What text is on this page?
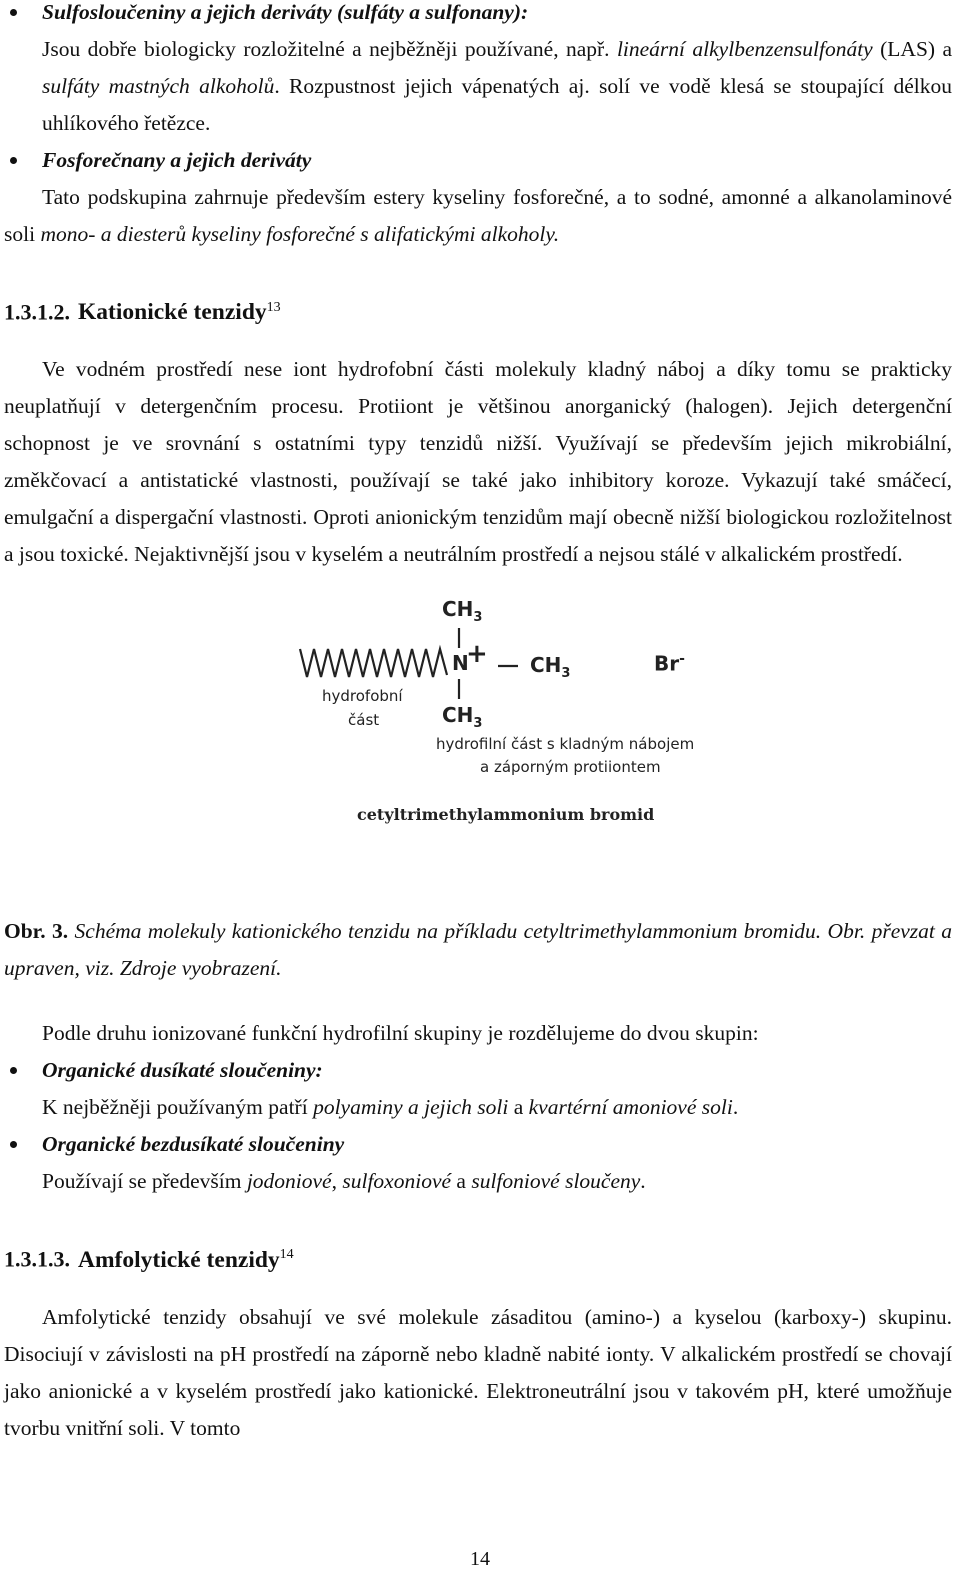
Sulfosloučeniny a jejich deriváty (sulfáty a sulfonany):

Jsou dobře biologicky rozložitelné a nejběžněji používané, např. lineární alkylbenzensulfonáty (LAS) a sulfáty mastných alkoholů. Rozpustnost jejich vápenatých aj. solí ve vodě klesá se stoupající délkou uhlíkového řetězce.

Fosforečnany a jejich deriváty

Tato podskupina zahrnuje především estery kyseliny fosforečné, a to sodné, amonné a alkanolaminové soli mono- a diesterů kyseliny fosforečné s alifatickými alkoholy.

1.3.1.2. Kationické tenzidy$^{13}$

Ve vodném prostředí nese iont hydrofobní části molekuly kladný náboj a díky tomu se prakticky neuplatňují v detergenčním procesu. Protiiont je většinou anorganický (halogen). Jejich detergenční schopnost je ve srovnání s ostatními typy tenzidů nižší. Využívají se především jejich mikrobiální, změkčovací a antistatické vlastnosti, používají se také jako inhibitory koroze. Vykazují také smáčecí, emulgační a dispergační vlastnosti. Oproti anionickým tenzidům mají obecně nižší biologickou rozložitelnost a jsou toxické. Nejaktivnější jsou v kyselém a neutrálním prostředí a nejsou stálé v alkalickém prostředí.

$CH_3$
N
+ $CH_3$	Br-
$CH_3$
hydrofobní
část
hydrofilní část s kladným nábojem
a záporným protiiontem
cetyltrimethylammonium bromid

Obr. 3. Schéma molekuly kationického tenzidu na příkladu cetyltrimethylammonium bromidu. Obr. převzat a upraven, viz. Zdroje vyobrazení.

Podle druhu ionizované funkční hydrofilní skupiny je rozdělujeme do dvou skupin:

Organické dusíkaté sloučeniny:

K nejběžněji používaným patří polyaminy a jejich soli a kvartérní amoniové soli.

Organické bezdusíkaté sloučeniny

Používají se především jodoniové, sulfoxoniové a sulfoniové sloučeny.

1.3.1.3. Amfolytické tenzidy$^{14}$

Amfolytické tenzidy obsahují ve své molekule zásaditou (amino-) a kyselou (karboxy-) skupinu. Disociují v závislosti na pH prostředí na záporně nebo kladně nabité ionty. V alkalickém prostředí se chovají jako anionické a v kyselém prostředí jako kationické. Elektroneutrální jsou v takovém pH, které umožňuje tvorbu vnitřní soli. V tomto

14
